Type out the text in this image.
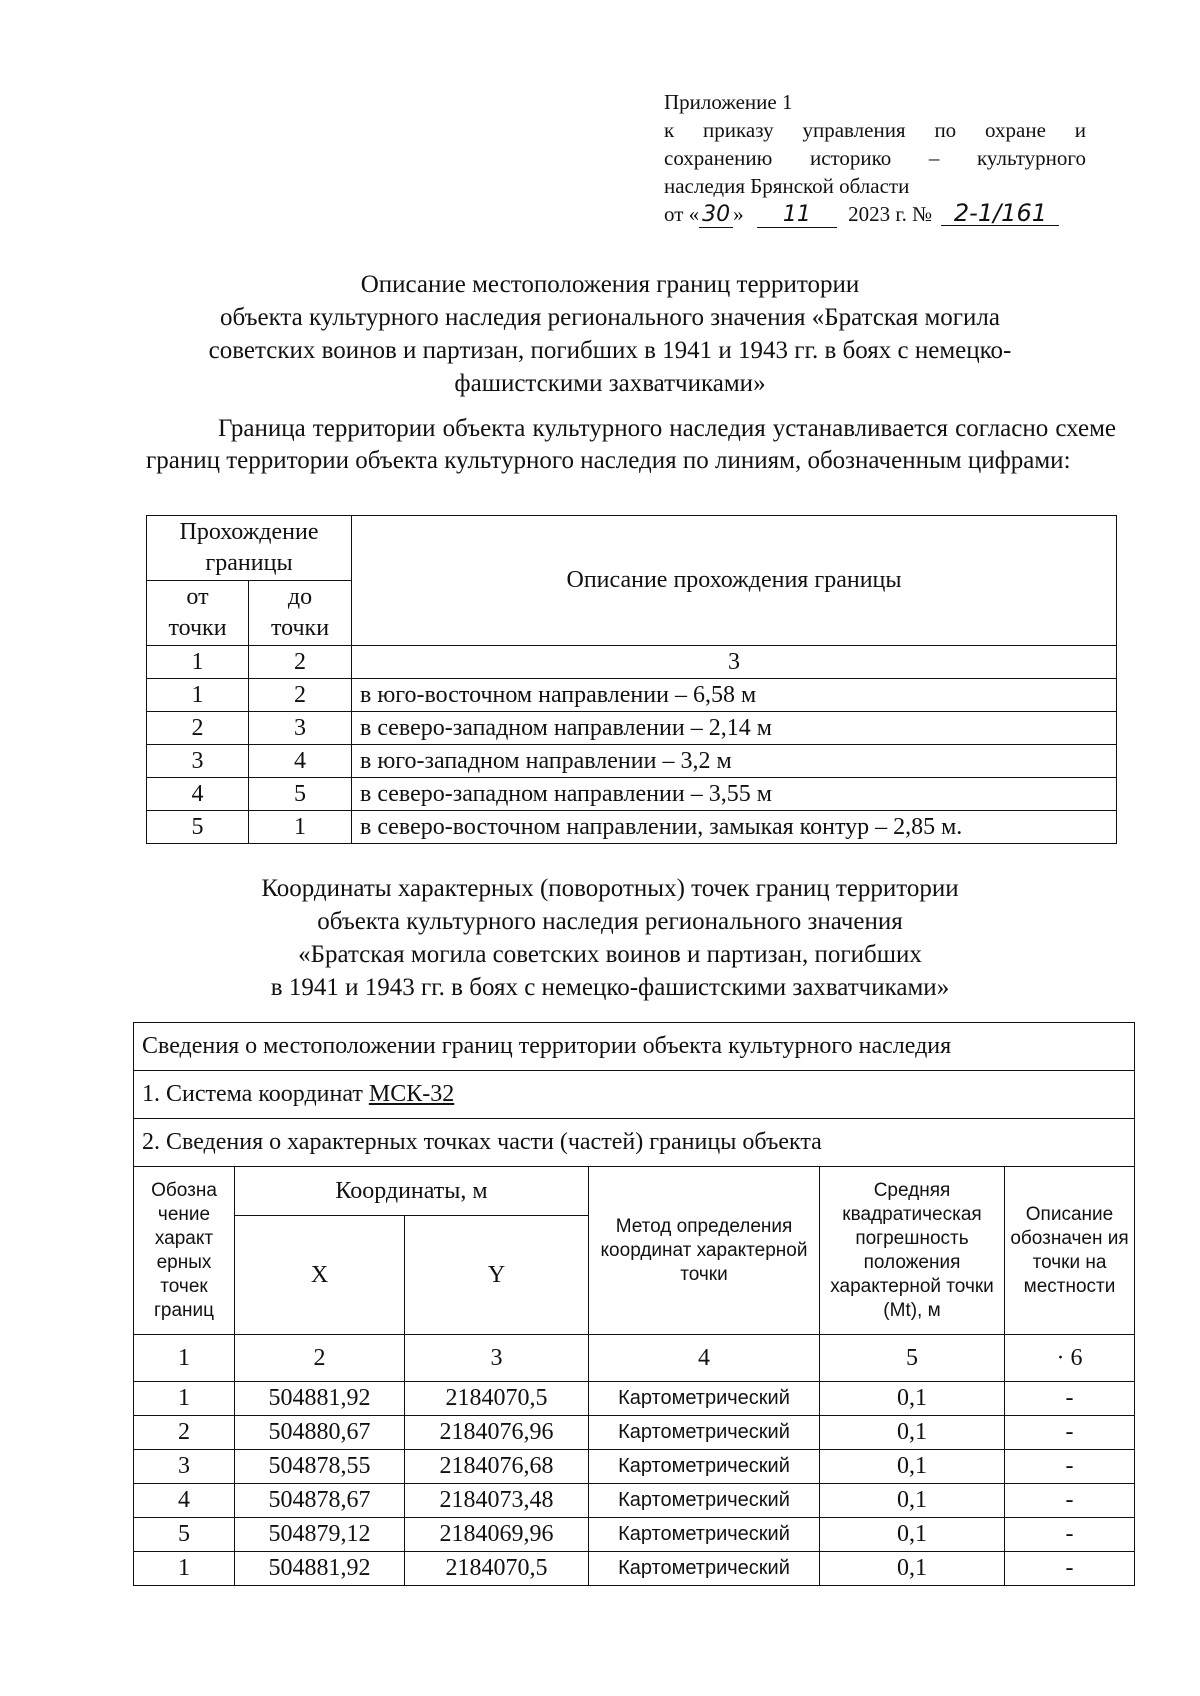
Приложение 1
к приказу управления по охране и
сохранению историко – культурного
наследия Брянской области
от « 30 » 11 2023 г. № 2-1/161
Описание местоположения границ территории
объекта культурного наследия регионального значения «Братская могила
советских воинов и партизан, погибших в 1941 и 1943 гг. в боях с немецко-
фашистскими захватчиками»
Граница территории объекта культурного наследия устанавливается согласно схеме границ территории объекта культурного наследия по линиям, обозначенным цифрами:
Прохождение границы		Описание прохождения границы
от точки	до точки	
1	2	3
1	2	в юго-восточном направлении – 6,58 м
2	3	в северо-западном направлении – 2,14 м
3	4	в юго-западном направлении – 3,2 м
4	5	в северо-западном направлении – 3,55 м
5	1	в северо-восточном направлении, замыкая контур – 2,85 м.
Координаты характерных (поворотных) точек границ территории
объекта культурного наследия регионального значения
«Братская могила советских воинов и партизан, погибших
в 1941 и 1943 гг. в боях с немецко-фашистскими захватчиками»
Сведения о местоположении границ территории объекта культурного наследия					
1. Система координат МСК-32					
2. Сведения о характерных точках части (частей) границы объекта					
Обозна чение характ ерных точек границ	Координаты, м		Метод определения координат характерной точки	Средняя квадратическая погрешность положения характерной точки (Mt), м	Описание обозначен ия точки на местности
	X	Y			
1	2	3	4	5	· 6
1	504881,92	2184070,5	Картометрический	0,1	-
2	504880,67	2184076,96	Картометрический	0,1	-
3	504878,55	2184076,68	Картометрический	0,1	-
4	504878,67	2184073,48	Картометрический	0,1	-
5	504879,12	2184069,96	Картометрический	0,1	-
1	504881,92	2184070,5	Картометрический	0,1	-
